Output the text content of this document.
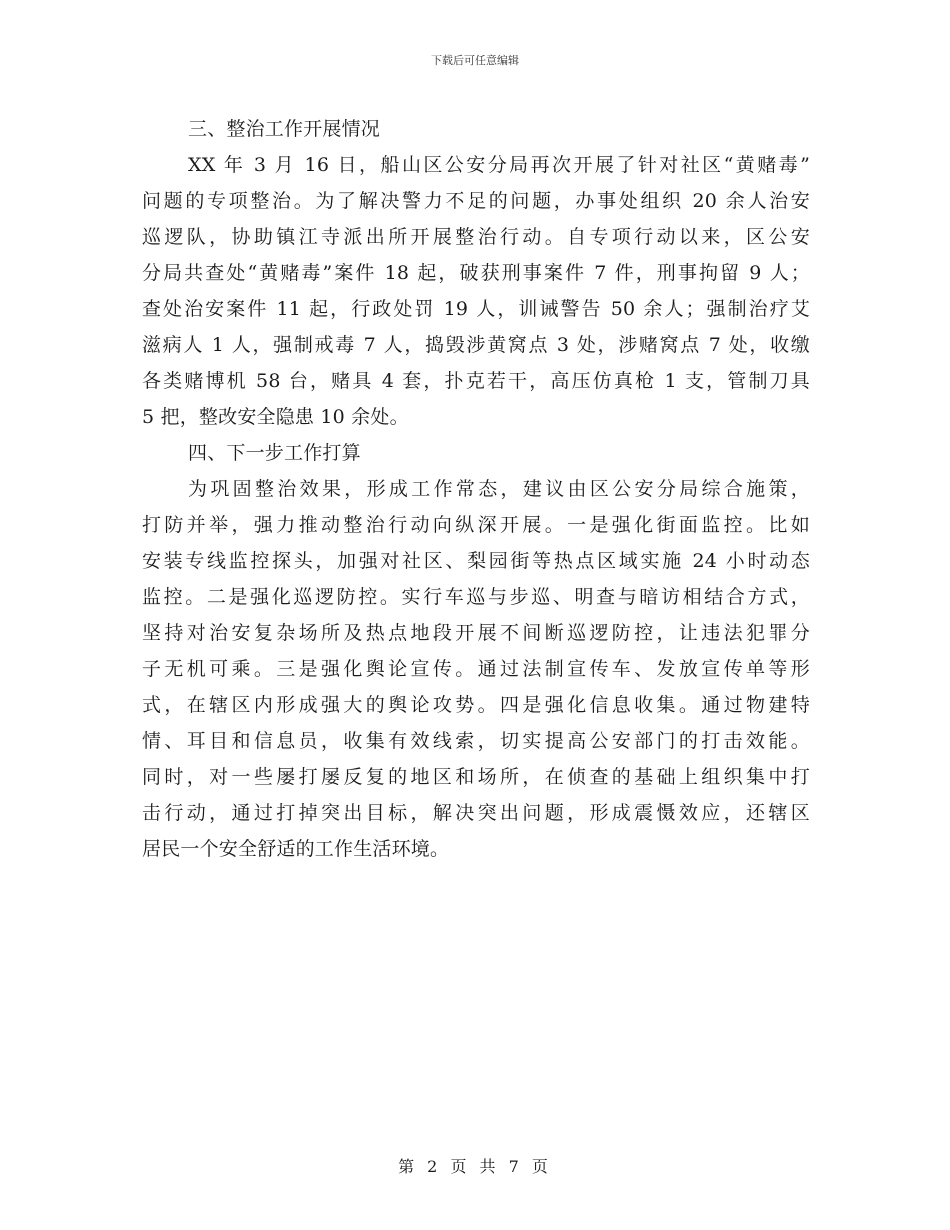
下载后可任意编辑
三、整治工作开展情况
XX 年 3 月 16 日，船山区公安分局再次开展了针对社区“黄赌毒”
问题的专项整治。为了解决警力不足的问题，办事处组织 20 余人治安
巡逻队，协助镇江寺派出所开展整治行动。自专项行动以来，区公安
分局共查处“黄赌毒”案件 18 起，破获刑事案件 7 件，刑事拘留 9 人；
查处治安案件 11 起，行政处罚 19 人，训诫警告 50 余人；强制治疗艾
滋病人 1 人，强制戒毒 7 人，捣毁涉黄窝点 3 处，涉赌窝点 7 处，收缴
各类赌博机 58 台，赌具 4 套，扑克若干，高压仿真枪 1 支，管制刀具
5 把，整改安全隐患 10 余处。
四、下一步工作打算
为巩固整治效果，形成工作常态，建议由区公安分局综合施策，
打防并举，强力推动整治行动向纵深开展。一是强化街面监控。比如
安装专线监控探头，加强对社区、梨园街等热点区域实施 24 小时动态
监控。二是强化巡逻防控。实行车巡与步巡、明查与暗访相结合方式，
坚持对治安复杂场所及热点地段开展不间断巡逻防控，让违法犯罪分
子无机可乘。三是强化舆论宣传。通过法制宣传车、发放宣传单等形
式，在辖区内形成强大的舆论攻势。四是强化信息收集。通过物建特
情、耳目和信息员，收集有效线索，切实提高公安部门的打击效能。
同时，对一些屡打屡反复的地区和场所，在侦查的基础上组织集中打
击行动，通过打掉突出目标，解决突出问题，形成震慑效应，还辖区
居民一个安全舒适的工作生活环境。
第 2 页 共 7 页
